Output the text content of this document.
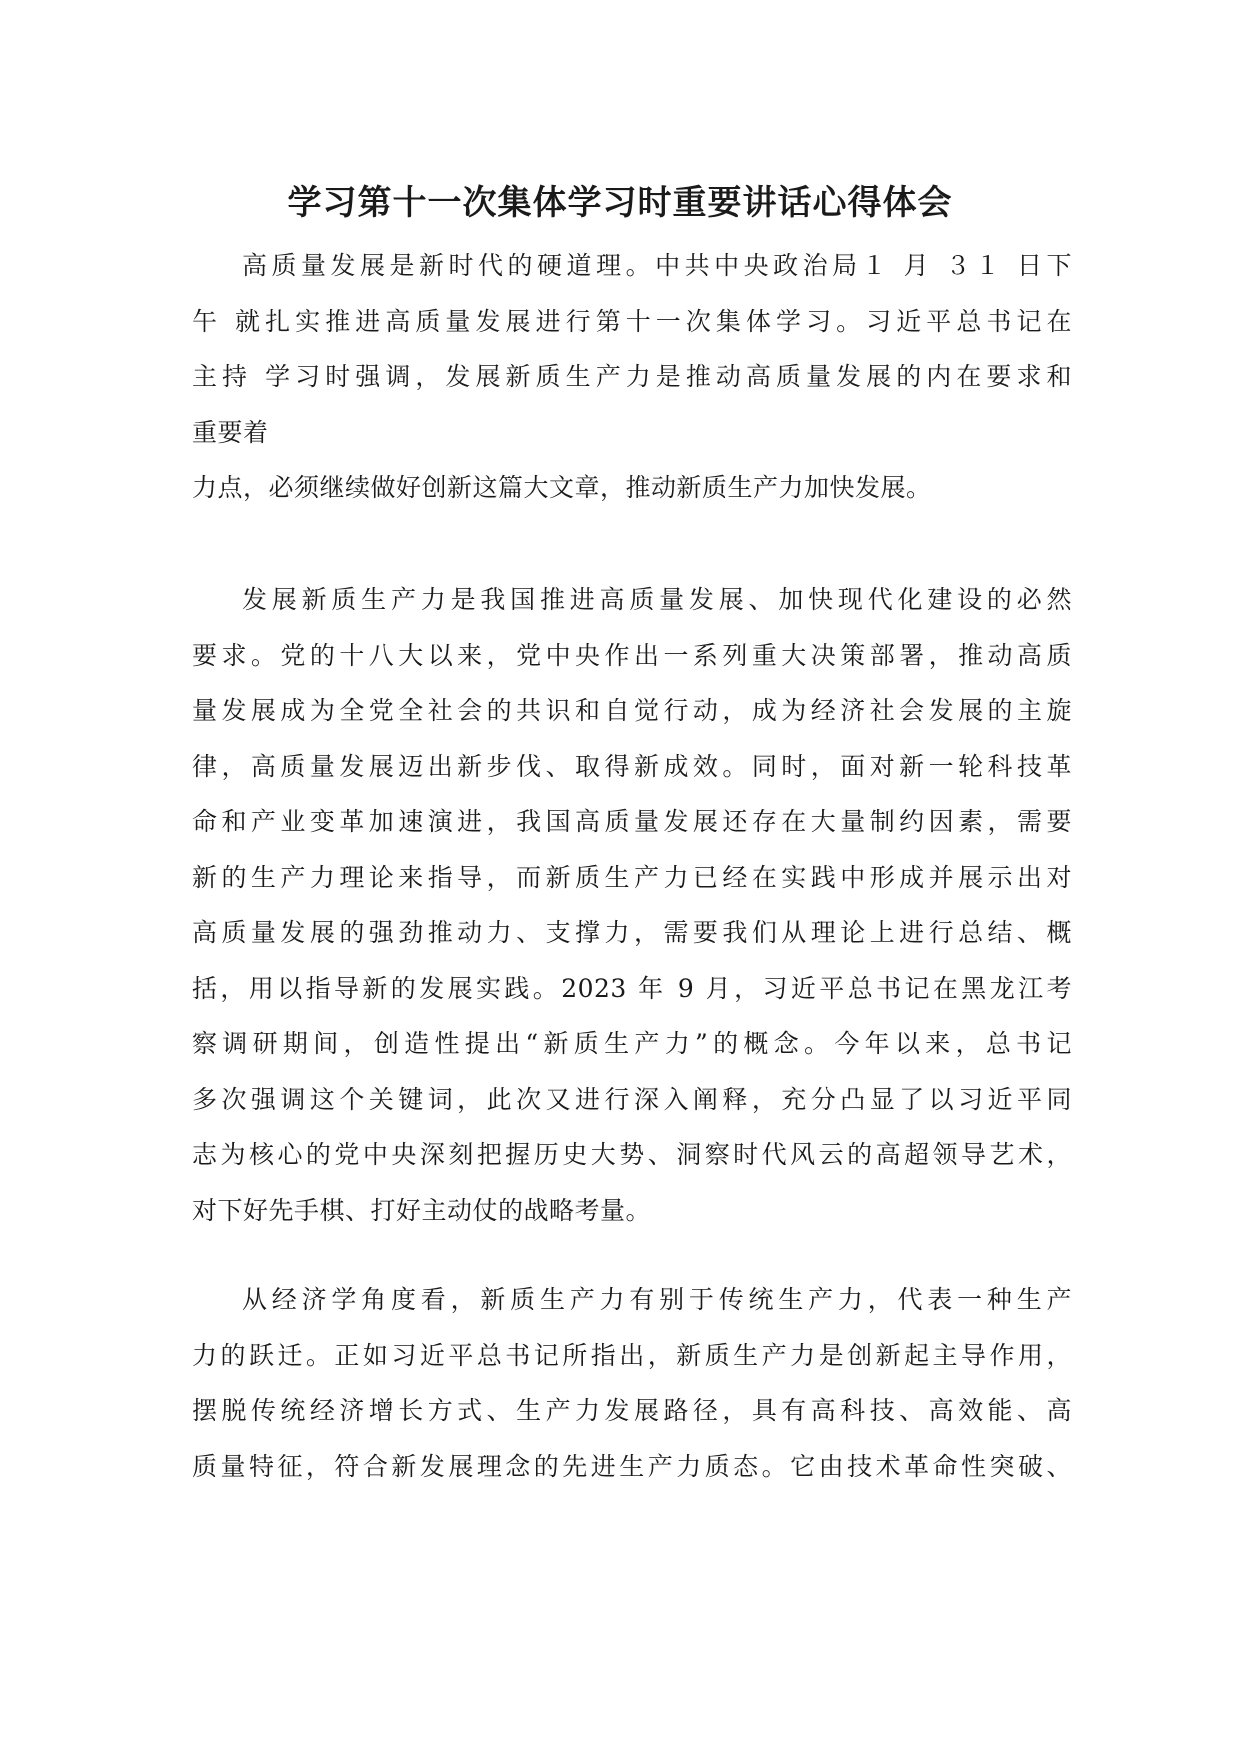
学习第十一次集体学习时重要讲话心得体会
高质量发展是新时代的硬道理。中共中央政治局１ 月 ３１ 日下
午 就扎实推进高质量发展进行第十一次集体学习。习近平总书记在
主持 学习时强调，发展新质生产力是推动高质量发展的内在要求和
重要着
力点，必须继续做好创新这篇大文章，推动新质生产力加快发展。
发展新质生产力是我国推进高质量发展、加快现代化建设的必然
要求。党的十八大以来，党中央作出一系列重大决策部署，推动高质
量发展成为全党全社会的共识和自觉行动，成为经济社会发展的主旋
律，高质量发展迈出新步伐、取得新成效。同时，面对新一轮科技革
命和产业变革加速演进，我国高质量发展还存在大量制约因素，需要
新的生产力理论来指导，而新质生产力已经在实践中形成并展示出对
高质量发展的强劲推动力、支撑力，需要我们从理论上进行总结、概
括，用以指导新的发展实践。2023 年 9 月，习近平总书记在黑龙江考
察调研期间，创造性提出“新质生产力”的概念。今年以来，总书记
多次强调这个关键词，此次又进行深入阐释，充分凸显了以习近平同
志为核心的党中央深刻把握历史大势、洞察时代风云的高超领导艺术，
对下好先手棋、打好主动仗的战略考量。
从经济学角度看，新质生产力有别于传统生产力，代表一种生产
力的跃迁。正如习近平总书记所指出，新质生产力是创新起主导作用，
摆脱传统经济增长方式、生产力发展路径，具有高科技、高效能、高
质量特征，符合新发展理念的先进生产力质态。它由技术革命性突破、
